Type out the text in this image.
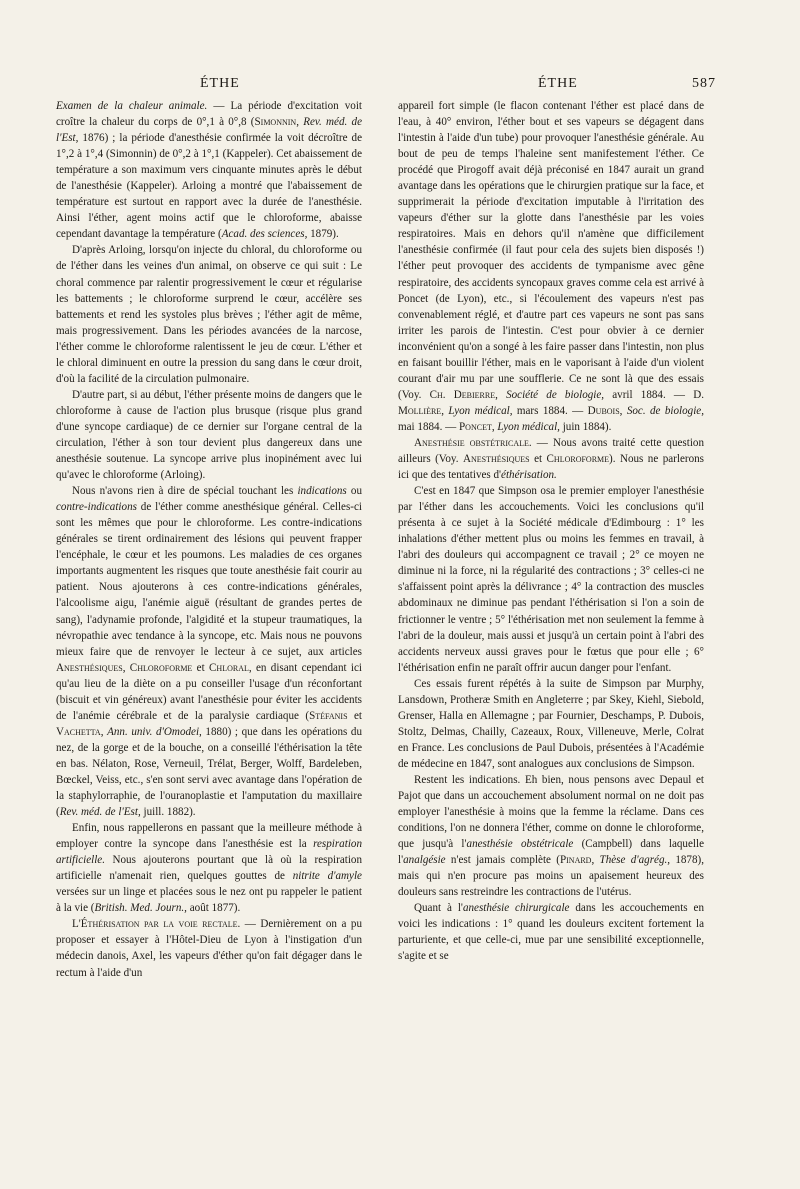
ÉTHE	ÉTHE	587

Examen de la chaleur animale. — La période d'excitation voit croître la chaleur du corps de 0°,1 à 0°,8 (Simonnin, Rev. méd. de l'Est, 1876) ; la période d'anesthésie confirmée la voit décroître de 1°,2 à 1°,4 (Simonnin) de 0°,2 à 1°,1 (Kappeler). Cet abaissement de température a son maximum vers cinquante minutes après le début de l'anesthésie (Kappeler). Arloing a montré que l'abaissement de température est surtout en rapport avec la durée de l'anesthésie. Ainsi l'éther, agent moins actif que le chloroforme, abaisse cependant davantage la température (Acad. des sciences, 1879).

D'après Arloing, lorsqu'on injecte du chloral, du chloroforme ou de l'éther dans les veines d'un animal, on observe ce qui suit : Le choral commence par ralentir progressivement le cœur et régularise les battements ; le chloroforme surprend le cœur, accélère ses battements et rend les systoles plus brèves ; l'éther agit de même, mais progressivement. Dans les périodes avancées de la narcose, l'éther comme le chloroforme ralentissent le jeu de cœur. L'éther et le chloral diminuent en outre la pression du sang dans le cœur droit, d'où la facilité de la circulation pulmonaire.

D'autre part, si au début, l'éther présente moins de dangers que le chloroforme à cause de l'action plus brusque (risque plus grand d'une syncope cardiaque) de ce dernier sur l'organe central de la circulation, l'éther à son tour devient plus dangereux dans une anesthésie soutenue. La syncope arrive plus inopinément avec lui qu'avec le chloroforme (Arloing).

Nous n'avons rien à dire de spécial touchant les indications ou contre-indications de l'éther comme anesthésique général. Celles-ci sont les mêmes que pour le chloroforme. Les contre-indications générales se tirent ordinairement des lésions qui peuvent frapper l'encéphale, le cœur et les poumons. Les maladies de ces organes importants augmentent les risques que toute anesthésie fait courir au patient. Nous ajouterons à ces contre-indications générales, l'alcoolisme aigu, l'anémie aiguë (résultant de grandes pertes de sang), l'adynamie profonde, l'algidité et la stupeur traumatiques, la névropathie avec tendance à la syncope, etc. Mais nous ne pouvons mieux faire que de renvoyer le lecteur à ce sujet, aux articles Anesthésiques, Chloroforme et Chloral, en disant cependant ici qu'au lieu de la diète on a pu conseiller l'usage d'un réconfortant (biscuit et vin généreux) avant l'anesthésie pour éviter les accidents de l'anémie cérébrale et de la paralysie cardiaque (Stéfanis et Vachetta, Ann. univ. d'Omodei, 1880) ; que dans les opérations du nez, de la gorge et de la bouche, on a conseillé l'éthérisation la tête en bas. Nélaton, Rose, Verneuil, Trélat, Berger, Wolff, Bardeleben, Bœckel, Veiss, etc., s'en sont servi avec avantage dans l'opération de la staphylorraphie, de l'ouranoplastie et l'amputation du maxillaire (Rev. méd. de l'Est, juill. 1882).

Enfin, nous rappellerons en passant que la meilleure méthode à employer contre la syncope dans l'anesthésie est la respiration artificielle. Nous ajouterons pourtant que là où la respiration artificielle n'amenait rien, quelques gouttes de nitrite d'amyle versées sur un linge et placées sous le nez ont pu rappeler le patient à la vie (British. Med. Journ., août 1877).

L'Éthérisation par la voie rectale. — Dernièrement on a pu proposer et essayer à l'Hôtel-Dieu de Lyon à l'instigation d'un médecin danois, Axel, les vapeurs d'éther qu'on fait dégager dans le rectum à l'aide d'un

appareil fort simple (le flacon contenant l'éther est placé dans de l'eau, à 40° environ, l'éther bout et ses vapeurs se dégagent dans l'intestin à l'aide d'un tube) pour provoquer l'anesthésie générale. Au bout de peu de temps l'haleine sent manifestement l'éther. Ce procédé que Pirogoff avait déjà préconisé en 1847 aurait un grand avantage dans les opérations que le chirurgien pratique sur la face, et supprimerait la période d'excitation imputable à l'irritation des vapeurs d'éther sur la glotte dans l'anesthésie par les voies respiratoires. Mais en dehors qu'il n'amène que difficilement l'anesthésie confirmée (il faut pour cela des sujets bien disposés !) l'éther peut provoquer des accidents de tympanisme avec gêne respiratoire, des accidents syncopaux graves comme cela est arrivé à Poncet (de Lyon), etc., si l'écoulement des vapeurs n'est pas convenablement réglé, et d'autre part ces vapeurs ne sont pas sans irriter les parois de l'intestin. C'est pour obvier à ce dernier inconvénient qu'on a songé à les faire passer dans l'intestin, non plus en faisant bouillir l'éther, mais en le vaporisant à l'aide d'un violent courant d'air mu par une soufflerie. Ce ne sont là que des essais (Voy. Ch. Debierre, Société de biologie, avril 1884. — D. Mollière, Lyon médical, mars 1884. — Dubois, Soc. de biologie, mai 1884. — Poncet, Lyon médical, juin 1884).

Anesthésie obstétricale. — Nous avons traité cette question ailleurs (Voy. Anesthésiques et Chloroforme). Nous ne parlerons ici que des tentatives d'éthérisation.

C'est en 1847 que Simpson osa le premier employer l'anesthésie par l'éther dans les accouchements. Voici les conclusions qu'il présenta à ce sujet à la Société médicale d'Edimbourg : 1° les inhalations d'éther mettent plus ou moins les femmes en travail, à l'abri des douleurs qui accompagnent ce travail ; 2° ce moyen ne diminue ni la force, ni la régularité des contractions ; 3° celles-ci ne s'affaissent point après la délivrance ; 4° la contraction des muscles abdominaux ne diminue pas pendant l'éthérisation si l'on a soin de frictionner le ventre ; 5° l'éthérisation met non seulement la femme à l'abri de la douleur, mais aussi et jusqu'à un certain point à l'abri des accidents nerveux aussi graves pour le fœtus que pour elle ; 6° l'éthérisation enfin ne paraît offrir aucun danger pour l'enfant.

Ces essais furent répétés à la suite de Simpson par Murphy, Lansdown, Protheræ Smith en Angleterre ; par Skey, Kiehl, Siebold, Grenser, Halla en Allemagne ; par Fournier, Deschamps, P. Dubois, Stoltz, Delmas, Chailly, Cazeaux, Roux, Villeneuve, Merle, Colrat en France. Les conclusions de Paul Dubois, présentées à l'Académie de médecine en 1847, sont analogues aux conclusions de Simpson.

Restent les indications. Eh bien, nous pensons avec Depaul et Pajot que dans un accouchement absolument normal on ne doit pas employer l'anesthésie à moins que la femme la réclame. Dans ces conditions, l'on ne donnera l'éther, comme on donne le chloroforme, que jusqu'à l'anesthésie obstétricale (Campbell) dans laquelle l'analgésie n'est jamais complète (Pinard, Thèse d'agrég., 1878), mais qui n'en procure pas moins un apaisement heureux des douleurs sans restreindre les contractions de l'utérus.

Quant à l'anesthésie chirurgicale dans les accouchements en voici les indications : 1° quand les douleurs excitent fortement la parturiente, et que celle-ci, mue par une sensibilité exceptionnelle, s'agite et se
